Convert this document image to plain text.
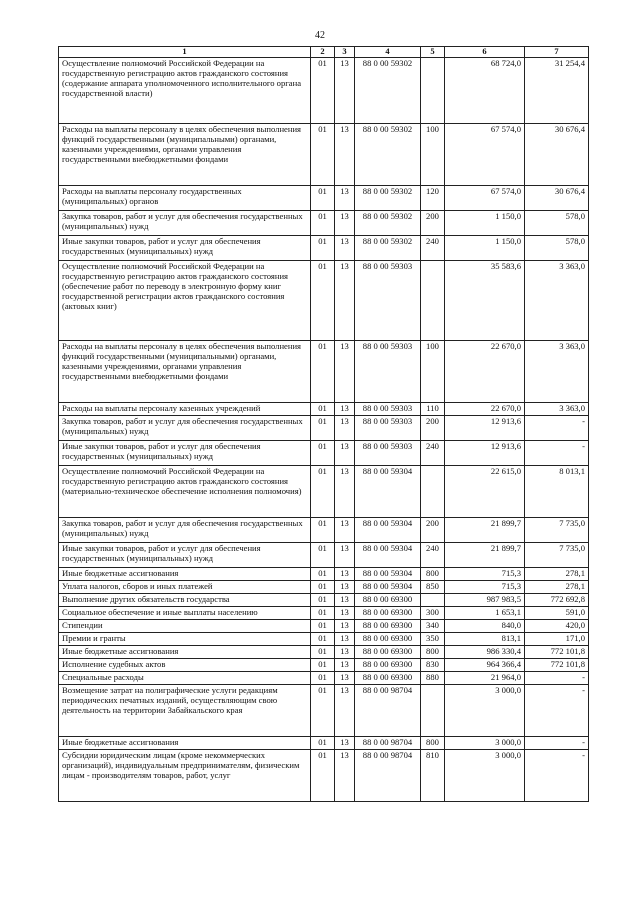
42
1	2	3	4	5	6	7
Осуществление полномочий Российской Федерации на государственную регистрацию актов гражданского состояния (содержание аппарата уполномоченного исполнительного органа государственной власти)	01	13	88 0 00 59302		68 724,0	31 254,4
Расходы на выплаты персоналу в целях обеспечения выполнения функций государственными (муниципальными) органами, казенными учреждениями, органами управления государственными внебюджетными фондами	01	13	88 0 00 59302	100	67 574,0	30 676,4
Расходы на выплаты персоналу государственных (муниципальных) органов	01	13	88 0 00 59302	120	67 574,0	30 676,4
Закупка товаров, работ и услуг для обеспечения государственных (муниципальных) нужд	01	13	88 0 00 59302	200	1 150,0	578,0
Иные закупки товаров, работ и услуг для обеспечения государственных (муниципальных) нужд	01	13	88 0 00 59302	240	1 150,0	578,0
Осуществление полномочий Российской Федерации на государственную регистрацию актов гражданского состояния (обеспечение работ по переводу в электронную форму книг государственной регистрации актов гражданского состояния (актовых книг)	01	13	88 0 00 59303		35 583,6	3 363,0
Расходы на выплаты персоналу в целях обеспечения выполнения функций государственными (муниципальными) органами, казенными учреждениями, органами управления государственными внебюджетными фондами	01	13	88 0 00 59303	100	22 670,0	3 363,0
Расходы на выплаты персоналу казенных учреждений	01	13	88 0 00 59303	110	22 670,0	3 363,0
Закупка товаров, работ и услуг для обеспечения государственных (муниципальных) нужд	01	13	88 0 00 59303	200	12 913,6	-
Иные закупки товаров, работ и услуг для обеспечения государственных (муниципальных) нужд	01	13	88 0 00 59303	240	12 913,6	-
Осуществление полномочий Российской Федерации на государственную регистрацию актов гражданского состояния (материально-техническое обеспечение исполнения полномочия)	01	13	88 0 00 59304		22 615,0	8 013,1
Закупка товаров, работ и услуг для обеспечения государственных (муниципальных) нужд	01	13	88 0 00 59304	200	21 899,7	7 735,0
Иные закупки товаров, работ и услуг для обеспечения государственных (муниципальных) нужд	01	13	88 0 00 59304	240	21 899,7	7 735,0
Иные бюджетные ассигнования	01	13	88 0 00 59304	800	715,3	278,1
Уплата налогов, сборов и иных платежей	01	13	88 0 00 59304	850	715,3	278,1
Выполнение других обязательств государства	01	13	88 0 00 69300		987 983,5	772 692,8
Социальное обеспечение и иные выплаты населению	01	13	88 0 00 69300	300	1 653,1	591,0
Стипендии	01	13	88 0 00 69300	340	840,0	420,0
Премии и гранты	01	13	88 0 00 69300	350	813,1	171,0
Иные бюджетные ассигнования	01	13	88 0 00 69300	800	986 330,4	772 101,8
Исполнение судебных актов	01	13	88 0 00 69300	830	964 366,4	772 101,8
Специальные расходы	01	13	88 0 00 69300	880	21 964,0	-
Возмещение затрат на полиграфические услуги редакциям периодических печатных изданий, осуществляющим свою деятельность на территории Забайкальского края	01	13	88 0 00 98704		3 000,0	-
Иные бюджетные ассигнования	01	13	88 0 00 98704	800	3 000,0	-
Субсидии юридическим лицам (кроме некоммерческих организаций), индивидуальным предпринимателям, физическим лицам - производителям товаров, работ, услуг	01	13	88 0 00 98704	810	3 000,0	-
